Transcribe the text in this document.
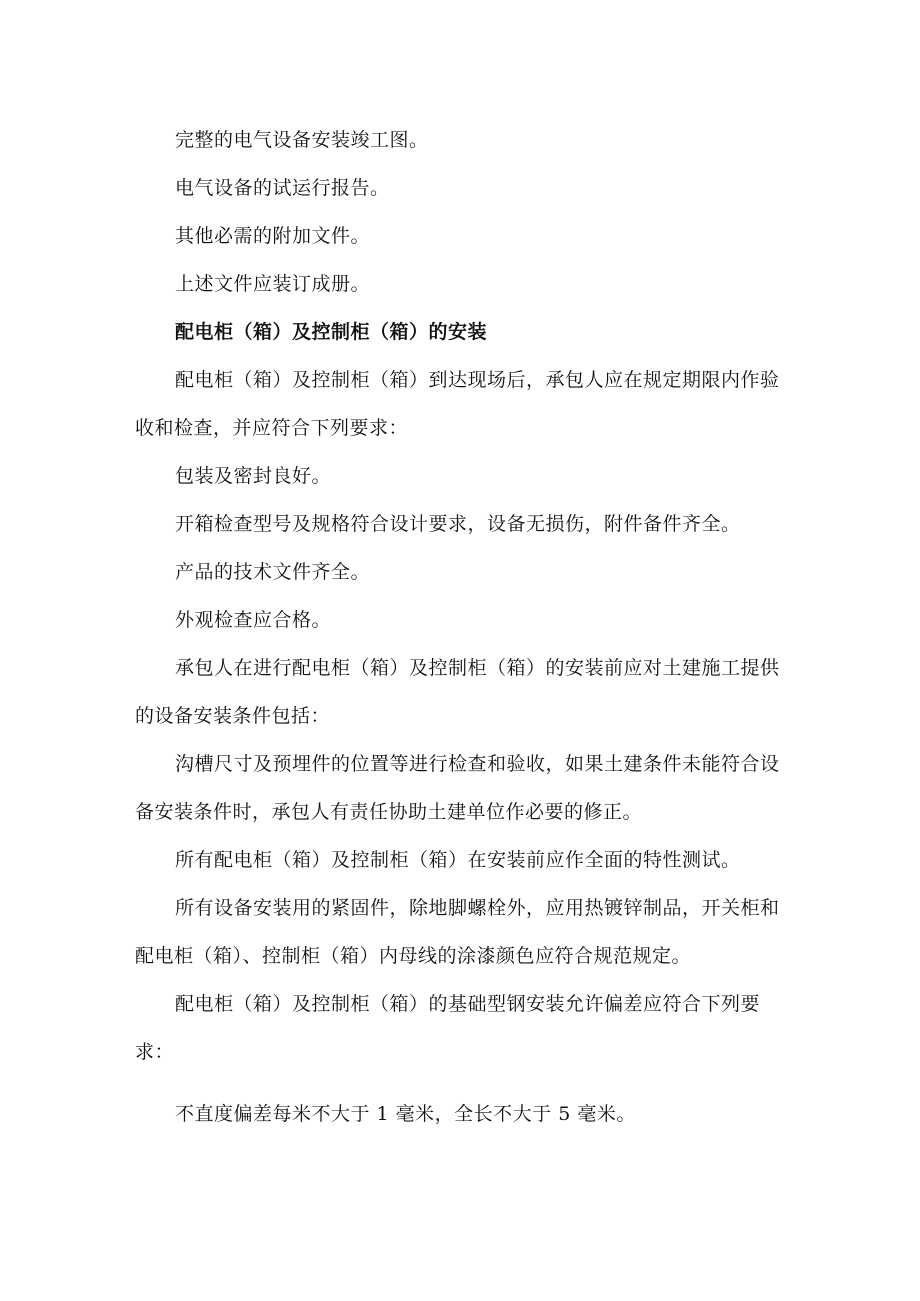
完整的电气设备安装竣工图。

电气设备的试运行报告。

其他必需的附加文件。

上述文件应装订成册。

配电柜（箱）及控制柜（箱）的安装

配电柜（箱）及控制柜（箱）到达现场后，承包人应在规定期限内作验收和检查，并应符合下列要求：

包装及密封良好。

开箱检查型号及规格符合设计要求，设备无损伤，附件备件齐全。

产品的技术文件齐全。

外观检查应合格。

承包人在进行配电柜（箱）及控制柜（箱）的安装前应对土建施工提供的设备安装条件包括：

沟槽尺寸及预埋件的位置等进行检查和验收，如果土建条件未能符合设备安装条件时，承包人有责任协助土建单位作必要的修正。

所有配电柜（箱）及控制柜（箱）在安装前应作全面的特性测试。

所有设备安装用的紧固件，除地脚螺栓外，应用热镀锌制品，开关柜和配电柜（箱）、控制柜（箱）内母线的涂漆颜色应符合规范规定。

配电柜（箱）及控制柜（箱）的基础型钢安装允许偏差应符合下列要求：

不直度偏差每米不大于 1 毫米，全长不大于 5 毫米。
